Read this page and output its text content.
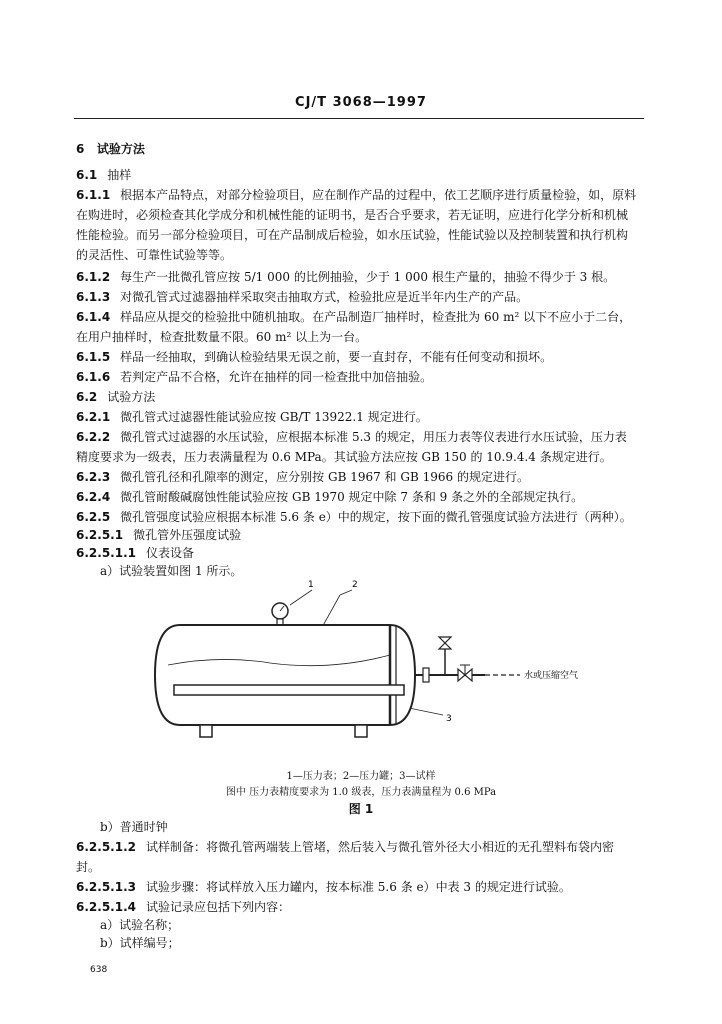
CJ/T 3068—1997
6 试验方法
6.1 抽样
6.1.1 根据本产品特点，对部分检验项目，应在制作产品的过程中，依工艺顺序进行质量检验，如，原料
在购进时，必须检查其化学成分和机械性能的证明书，是否合乎要求，若无证明，应进行化学分析和机械
性能检验。而另一部分检验项目，可在产品制成后检验，如水压试验，性能试验以及控制装置和执行机构
的灵活性、可靠性试验等等。
6.1.2 每生产一批微孔管应按 5/1 000 的比例抽验，少于 1 000 根生产量的，抽验不得少于 3 根。
6.1.3 对微孔管式过滤器抽样采取突击抽取方式，检验批应是近半年内生产的产品。
6.1.4 样品应从提交的检验批中随机抽取。在产品制造厂抽样时，检查批为 60 m² 以下不应小于二台，
在用户抽样时，检查批数量不限。60 m² 以上为一台。
6.1.5 样品一经抽取，到确认检验结果无误之前，要一直封存，不能有任何变动和损坏。
6.1.6 若判定产品不合格，允许在抽样的同一检查批中加倍抽验。
6.2 试验方法
6.2.1 微孔管式过滤器性能试验应按 GB/T 13922.1 规定进行。
6.2.2 微孔管式过滤器的水压试验，应根据本标准 5.3 的规定，用压力表等仪表进行水压试验，压力表
精度要求为一级表，压力表满量程为 0.6 MPa。其试验方法应按 GB 150 的 10.9.4.4 条规定进行。
6.2.3 微孔管孔径和孔隙率的测定，应分别按 GB 1967 和 GB 1966 的规定进行。
6.2.4 微孔管耐酸碱腐蚀性能试验应按 GB 1970 规定中除 7 条和 9 条之外的全部规定执行。
6.2.5 微孔管强度试验应根据本标准 5.6 条 e）中的规定，按下面的微孔管强度试验方法进行（两种）。
6.2.5.1 微孔管外压强度试验
6.2.5.1.1 仪表设备
a）试验装置如图 1 所示。
1	2
3
水或压缩空气
1—压力表；2—压力罐；3—试样
图中 压力表精度要求为 1.0 级表，压力表满量程为 0.6 MPa
图 1
b）普通时钟
6.2.5.1.2 试样制备：将微孔管两端装上管堵，然后装入与微孔管外径大小相近的无孔塑料布袋内密
封。
6.2.5.1.3 试验步骤：将试样放入压力罐内，按本标准 5.6 条 e）中表 3 的规定进行试验。
6.2.5.1.4 试验记录应包括下列内容：
a）试验名称；
b）试样编号；
638
